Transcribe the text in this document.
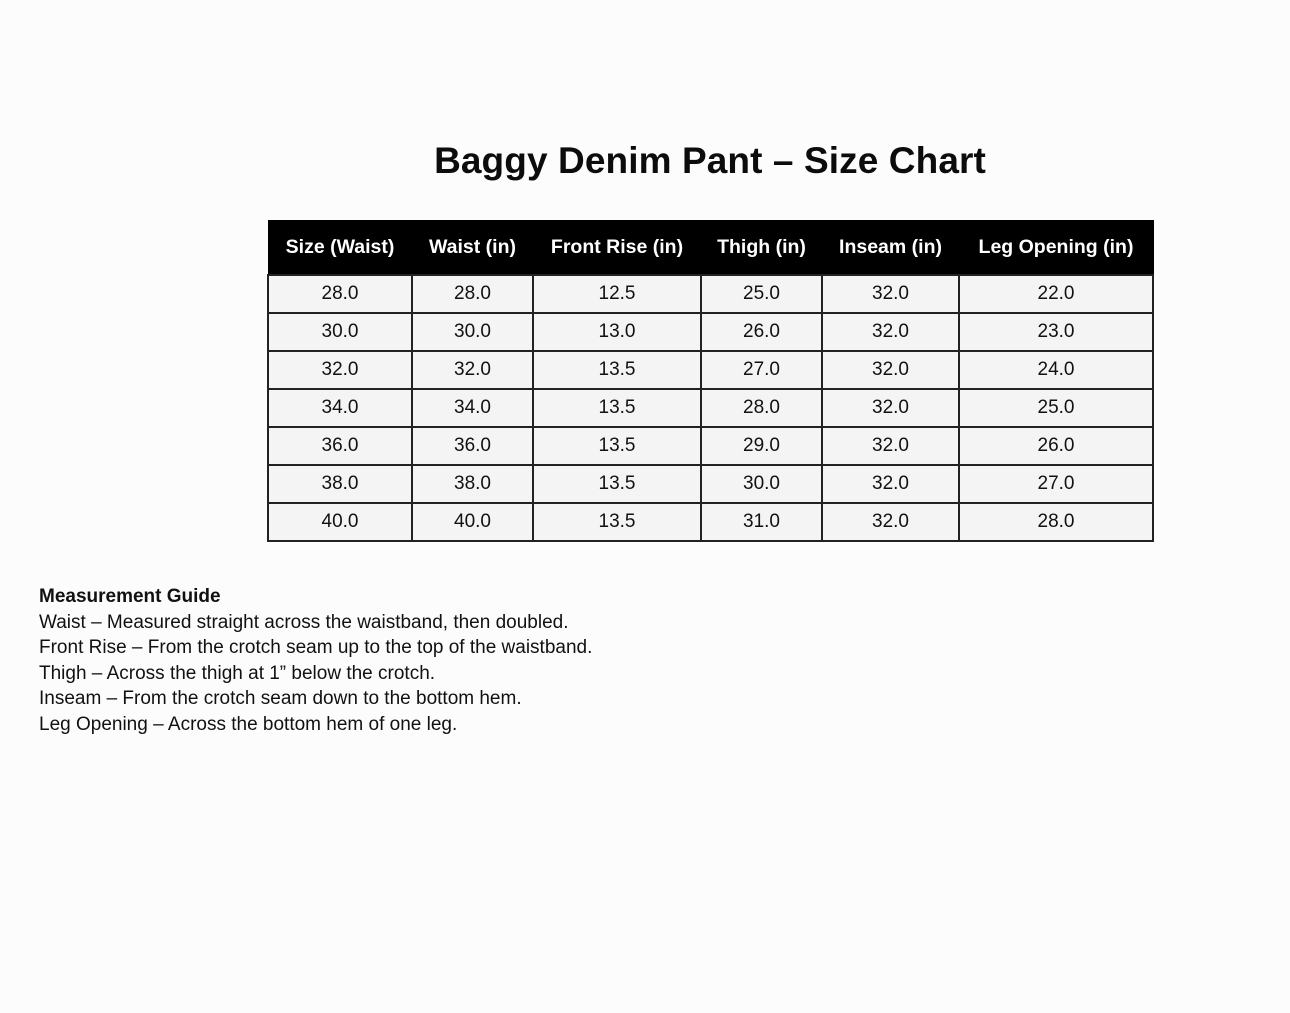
Baggy Denim Pant – Size Chart
Size (Waist)	Waist (in)	Front Rise (in)	Thigh (in)	Inseam (in)	Leg Opening (in)
28.0	28.0	12.5	25.0	32.0	22.0
30.0	30.0	13.0	26.0	32.0	23.0
32.0	32.0	13.5	27.0	32.0	24.0
34.0	34.0	13.5	28.0	32.0	25.0
36.0	36.0	13.5	29.0	32.0	26.0
38.0	38.0	13.5	30.0	32.0	27.0
40.0	40.0	13.5	31.0	32.0	28.0
Measurement Guide
Waist – Measured straight across the waistband, then doubled.
Front Rise – From the crotch seam up to the top of the waistband.
Thigh – Across the thigh at 1” below the crotch.
Inseam – From the crotch seam down to the bottom hem.
Leg Opening – Across the bottom hem of one leg.
